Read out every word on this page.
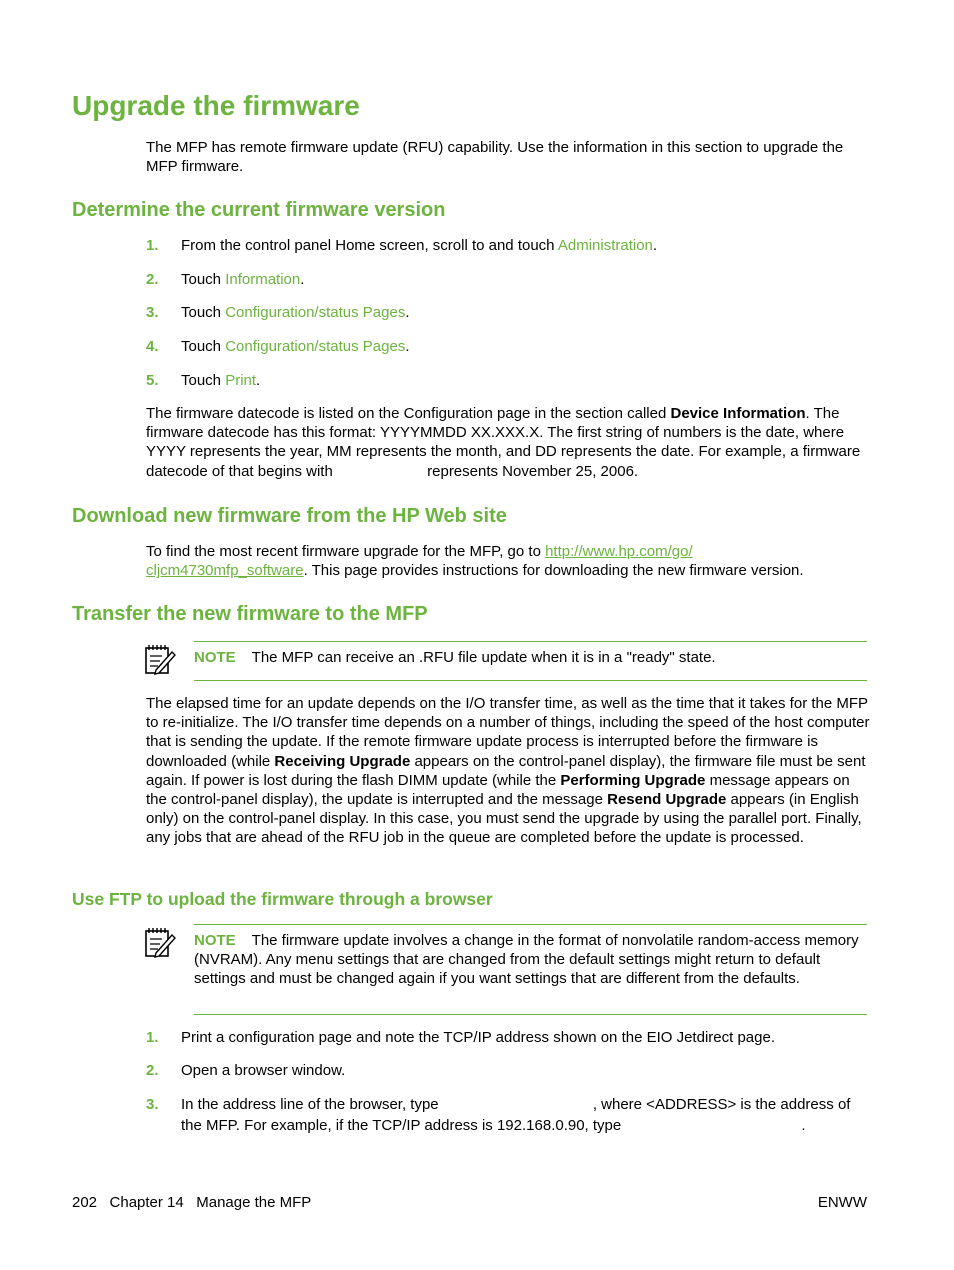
Upgrade the firmware

The MFP has remote firmware update (RFU) capability. Use the information in this section to upgrade the MFP firmware.

Determine the current firmware version
1. From the control panel Home screen, scroll to and touch Administration.
2. Touch Information.
3. Touch Configuration/status Pages.
4. Touch Configuration/status Pages.
5. Touch Print.

The firmware datecode is listed on the Configuration page in the section called Device Information. The firmware datecode has this format: YYYYMMDD XX.XXX.X. The first string of numbers is the date, where YYYY represents the year, MM represents the month, and DD represents the date. For example, a firmware datecode of that begins with	represents November 25, 2006.

Download new firmware from the HP Web site

To find the most recent firmware upgrade for the MFP, go to http://www.hp.com/go/
cljcm4730mfp_software. This page provides instructions for downloading the new firmware version.

Transfer the new firmware to the MFP
NOTE The MFP can receive an .RFU file update when it is in a "ready" state.

The elapsed time for an update depends on the I/O transfer time, as well as the time that it takes for the MFP to re-initialize. The I/O transfer time depends on a number of things, including the speed of the host computer that is sending the update. If the remote firmware update process is interrupted before the firmware is downloaded (while Receiving Upgrade appears on the control-panel display), the firmware file must be sent again. If power is lost during the flash DIMM update (while the Performing Upgrade message appears on the control-panel display), the update is interrupted and the message Resend Upgrade appears (in English only) on the control-panel display. In this case, you must send the upgrade by using the parallel port. Finally, any jobs that are ahead of the RFU job in the queue are completed before the update is processed.

Use FTP to upload the firmware through a browser
NOTE The firmware update involves a change in the format of nonvolatile random-access memory (NVRAM). Any menu settings that are changed from the default settings might return to default settings and must be changed again if you want settings that are different from the defaults.
1. Print a configuration page and note the TCP/IP address shown on the EIO Jetdirect page.
2. Open a browser window.
3. In the address line of the browser, type	, where <ADDRESS> is the address of the MFP. For example, if the TCP/IP address is 192.168.0.90, type	.
202   Chapter 14   Manage the MFP	ENWW
